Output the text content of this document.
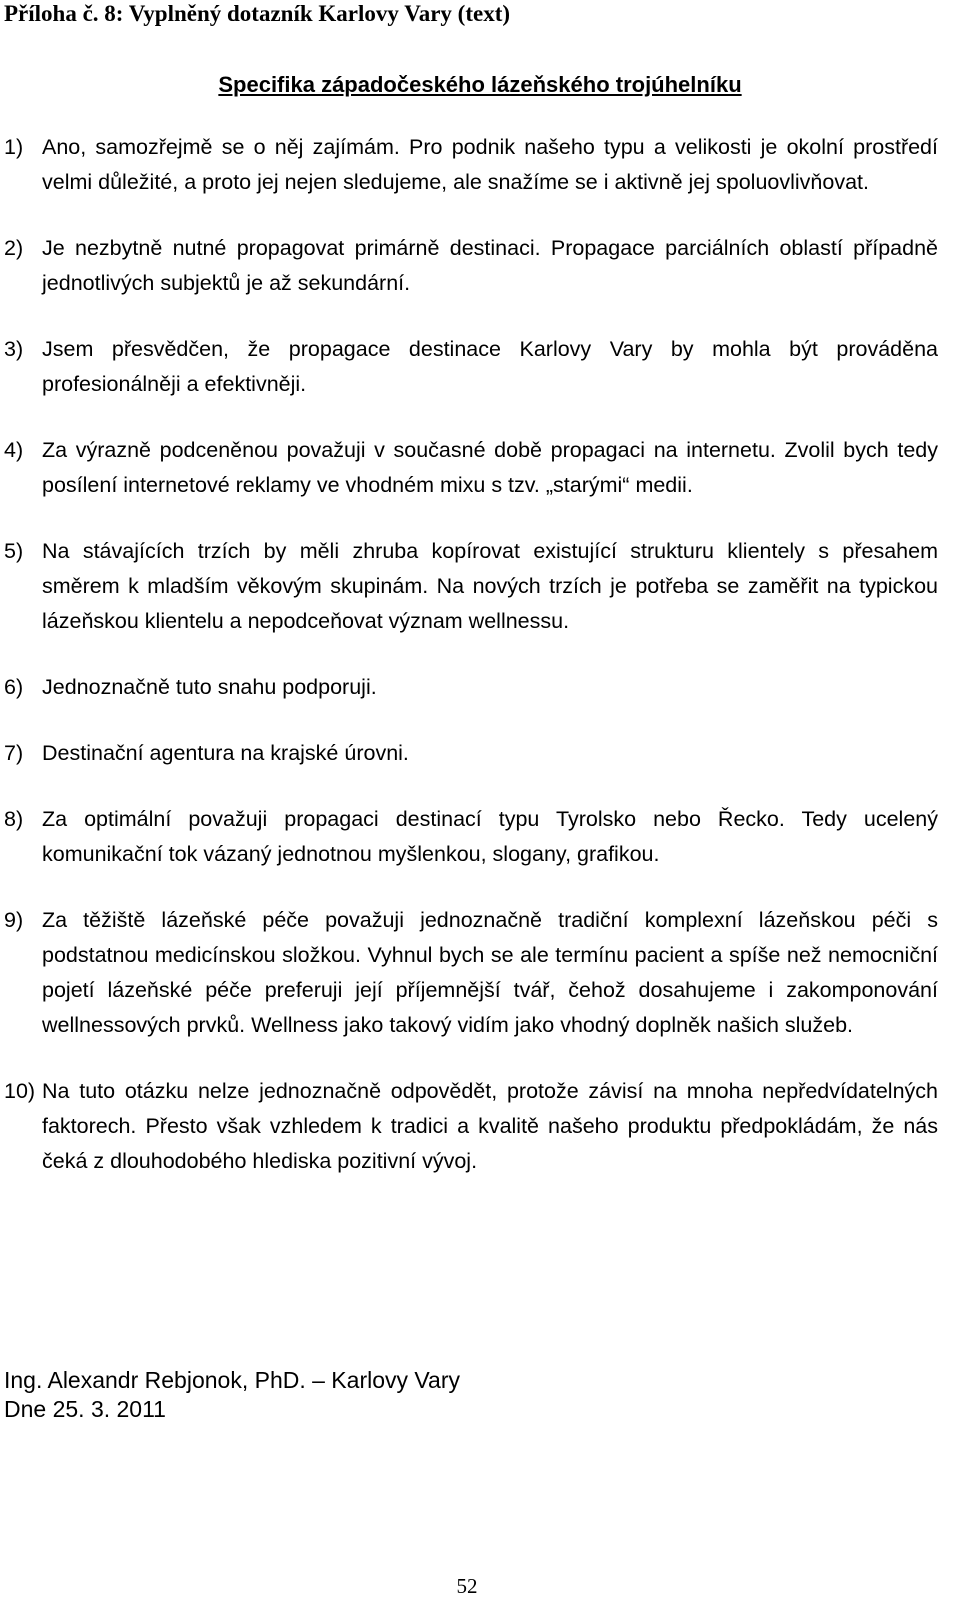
Příloha č. 8: Vyplněný dotazník Karlovy Vary (text)
Specifika západočeského lázeňského trojúhelníku
1) Ano, samozřejmě se o něj zajímám. Pro podnik našeho typu a velikosti je okolní prostředí velmi důležité, a proto jej nejen sledujeme, ale snažíme se i aktivně jej spoluovlivňovat.
2) Je nezbytně nutné propagovat primárně destinaci. Propagace parciálních oblastí případně jednotlivých subjektů je až sekundární.
3) Jsem přesvědčen, že propagace destinace Karlovy Vary by mohla být prováděna profesionálněji a efektivněji.
4) Za výrazně podceněnou považuji v současné době propagaci na internetu. Zvolil bych tedy posílení internetové reklamy ve vhodném mixu s tzv. „starými“ medii.
5) Na stávajících trzích by měli zhruba kopírovat existující strukturu klientely s přesahem směrem k mladším věkovým skupinám. Na nových trzích je potřeba se zaměřit na typickou lázeňskou klientelu a nepodceňovat význam wellnessu.
6) Jednoznačně tuto snahu podporuji.
7) Destinační agentura na krajské úrovni.
8) Za optimální považuji propagaci destinací typu Tyrolsko nebo Řecko. Tedy ucelený komunikační tok vázaný jednotnou myšlenkou, slogany, grafikou.
9) Za těžiště lázeňské péče považuji jednoznačně tradiční komplexní lázeňskou péči s podstatnou medicínskou složkou. Vyhnul bych se ale termínu pacient a spíše než nemocniční pojetí lázeňské péče preferuji její příjemnější tvář, čehož dosahujeme i zakomponování wellnessových prvků. Wellness jako takový vidím jako vhodný doplněk našich služeb.
10) Na tuto otázku nelze jednoznačně odpovědět, protože závisí na mnoha nepředvídatelných faktorech. Přesto však vzhledem k tradici a kvalitě našeho produktu předpokládám, že nás čeká z dlouhodobého hlediska pozitivní vývoj.
Ing. Alexandr Rebjonok, PhD. – Karlovy Vary
Dne 25. 3. 2011
52
